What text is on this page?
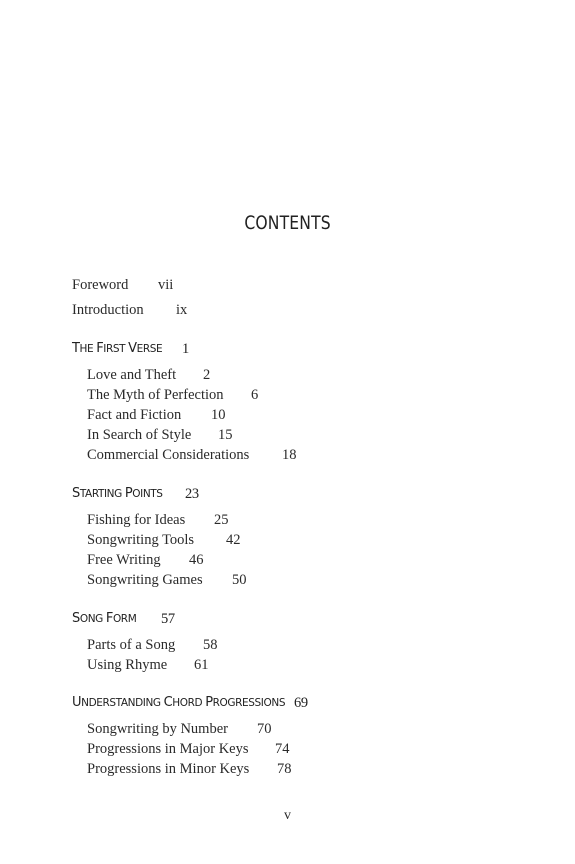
CONTENTS
Foreword vii
Introduction ix
THE FIRST VERSE 1
Love and Theft 2
The Myth of Perfection 6
Fact and Fiction 10
In Search of Style 15
Commercial Considerations 18
STARTING POINTS 23
Fishing for Ideas 25
Songwriting Tools 42
Free Writing 46
Songwriting Games 50
SONG FORM 57
Parts of a Song 58
Using Rhyme 61
UNDERSTANDING CHORD PROGRESSIONS 69
Songwriting by Number 70
Progressions in Major Keys 74
Progressions in Minor Keys 78
v
